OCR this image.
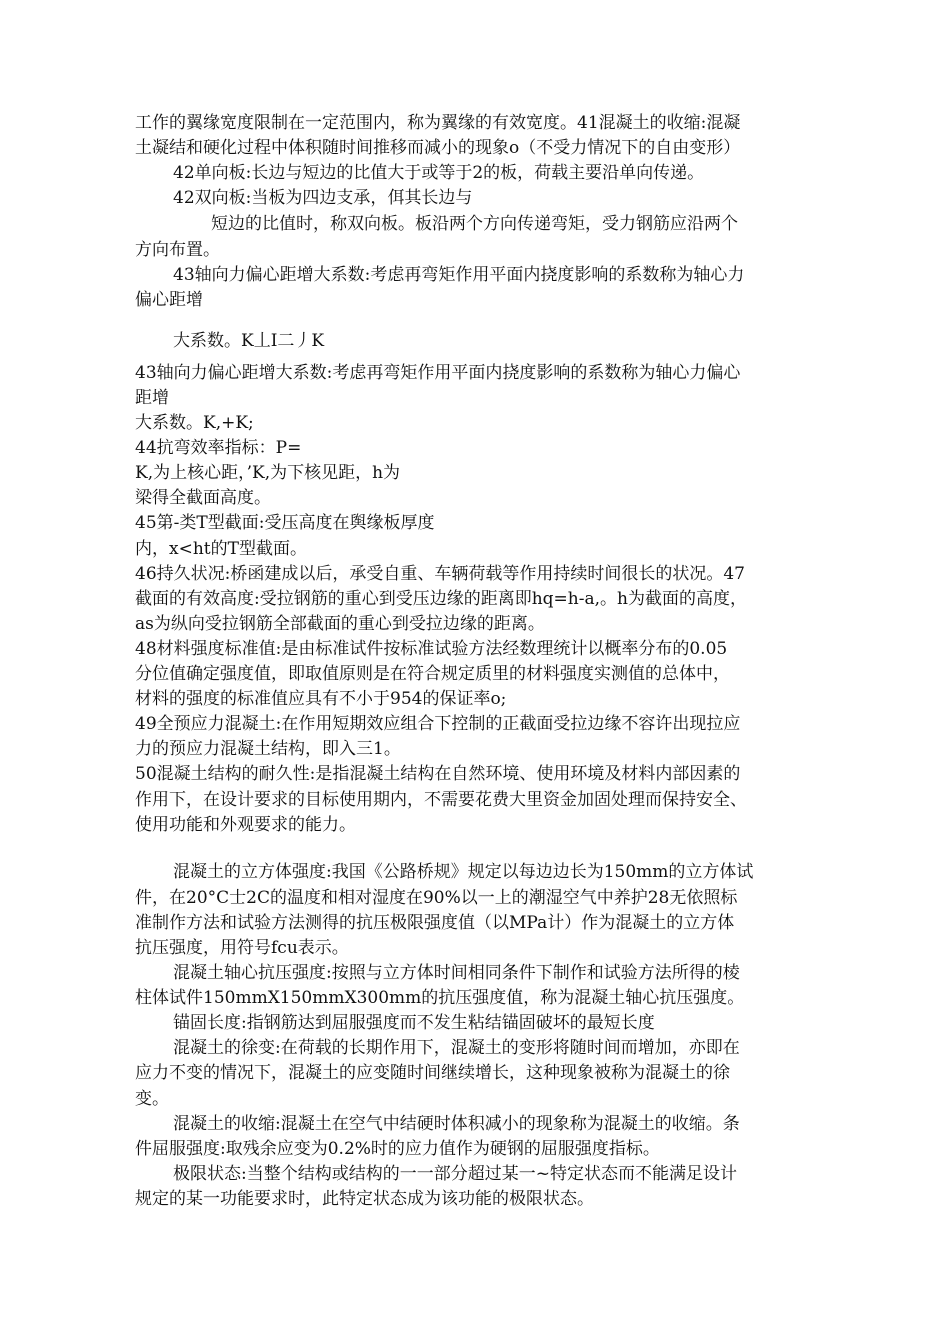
工作的翼缘宽度限制在一定范围内，称为翼缘的有效宽度。41混凝土的收缩:混凝
土凝结和硬化过程中体积随时间推移而减小的现象o（不受力情况下的自由变形）
42单向板:长边与短边的比值大于或等于2的板，荷载主要沿单向传递。
42双向板:当板为四边支承，佴其长边与
短边的比值时，称双向板。板沿两个方向传递弯矩，受力钢筋应沿两个
方向布置。
43轴向力偏心距增大系数:考虑再弯矩作用平面内挠度影响的系数称为轴心力
偏心距增
大系数。K丄I二丿K
43轴向力偏心距增大系数:考虑再弯矩作用平面内挠度影响的系数称为轴心力偏心
距增
大系数。K,+K;
44抗弯效率指标：P=
K,为上核心距，’K,为下核见距，h为
梁得全截面高度。
45第-类T型截面:受压高度在舆缘板厚度
内，x<ht的T型截面。
46持久状况:桥函建成以后，承受自重、车辆荷载等作用持续时间很长的状况。47
截面的有效高度:受拉钢筋的重心到受压边缘的距离即hq=h-a,。h为截面的高度，
as为纵向受拉钢筋全部截面的重心到受拉边缘的距离。
48材料强度标准值:是由标准试件按标准试验方法经数理统计以概率分布的0.05
分位值确定强度值，即取值原则是在符合规定质里的材料强度实测值的总体中，
材料的强度的标准值应具有不小于954的保证率o;
49全预应力混凝土:在作用短期效应组合下控制的正截面受拉边缘不容许出现拉应
力的预应力混凝土结构，即入三1。
50混凝土结构的耐久性:是指混凝土结构在自然环境、使用环境及材料内部因素的
作用下，在设计要求的目标使用期内，不需要花费大里资金加固处理而保持安全、
使用功能和外观要求的能力。
混凝土的立方体强度:我国《公路桥规》规定以每边边长为150mm的立方体试
件，在20°C士2C的温度和相对湿度在90%以一上的潮湿空气中养护28无依照标
准制作方法和试验方法测得的抗压极限强度值（以MPa计）作为混凝土的立方体
抗压强度，用符号fcu表示。
混凝土轴心抗压强度:按照与立方体时间相同条件下制作和试验方法所得的棱
柱体试件150mmX150mmX300mm的抗压强度值，称为混凝土轴心抗压强度。
锚固长度:指钢筋达到屈服强度而不发生粘结锚固破坏的最短长度
混凝土的徐变:在荷载的长期作用下，混凝土的变形将随时间而增加，亦即在
应力不变的情况下，混凝土的应变随时间继续增长，这种现象被称为混凝土的徐
变。
混凝土的收缩:混凝土在空气中结硬时体积减小的现象称为混凝土的收缩。条
件屈服强度:取残余应变为0.2%时的应力值作为硬钢的屈服强度指标。
极限状态:当整个结构或结构的一一部分超过某一~特定状态而不能满足设计
规定的某一功能要求时，此特定状态成为该功能的极限状态。
